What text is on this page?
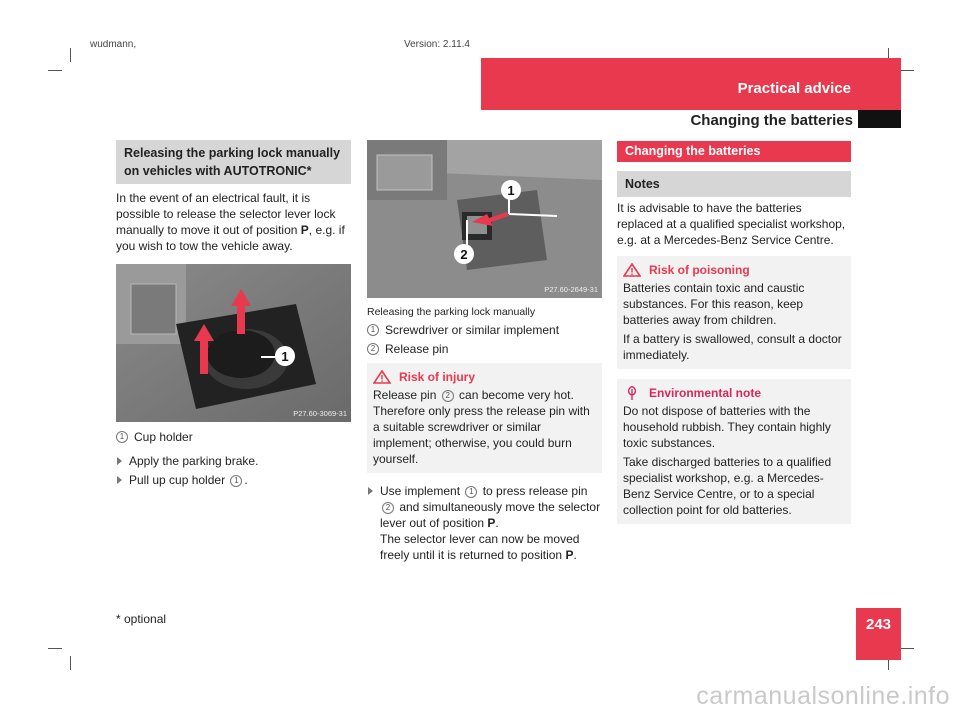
wudmann,	Version: 2.11.4
Practical advice
Changing the batteries
Releasing the parking lock manually
on vehicles with AUTOTRONIC*

In the event of an electrical fault, it is possible to release the selector lever lock manually to move it out of position P, e.g. if you wish to tow the vehicle away.

1
P27.60-3069-31
1 Cup holder
Apply the parking brake.
Pull up cup holder 1 .
1
2
P27.60-2649-31
Releasing the parking lock manually
1 Screwdriver or similar implement
2 Release pin
Risk of injury
Release pin 2 can become very hot. Therefore only press the release pin with a suitable screwdriver or similar implement; otherwise, you could burn yourself.
Use implement 1 to press release pin 2 and simultaneously move the selector lever out of position P.
The selector lever can now be moved freely until it is returned to position P.
Changing the batteries
Notes

It is advisable to have the batteries replaced at a qualified specialist workshop, e.g. at a Mercedes-Benz Service Centre.

Risk of poisoning
Batteries contain toxic and caustic substances. For this reason, keep batteries away from children.
If a battery is swallowed, consult a doctor immediately.
Environmental note
Do not dispose of batteries with the household rubbish. They contain highly toxic substances.
Take discharged batteries to a qualified specialist workshop, e.g. a Mercedes-Benz Service Centre, or to a special collection point for old batteries.
* optional	243
carmanualsonline.info
